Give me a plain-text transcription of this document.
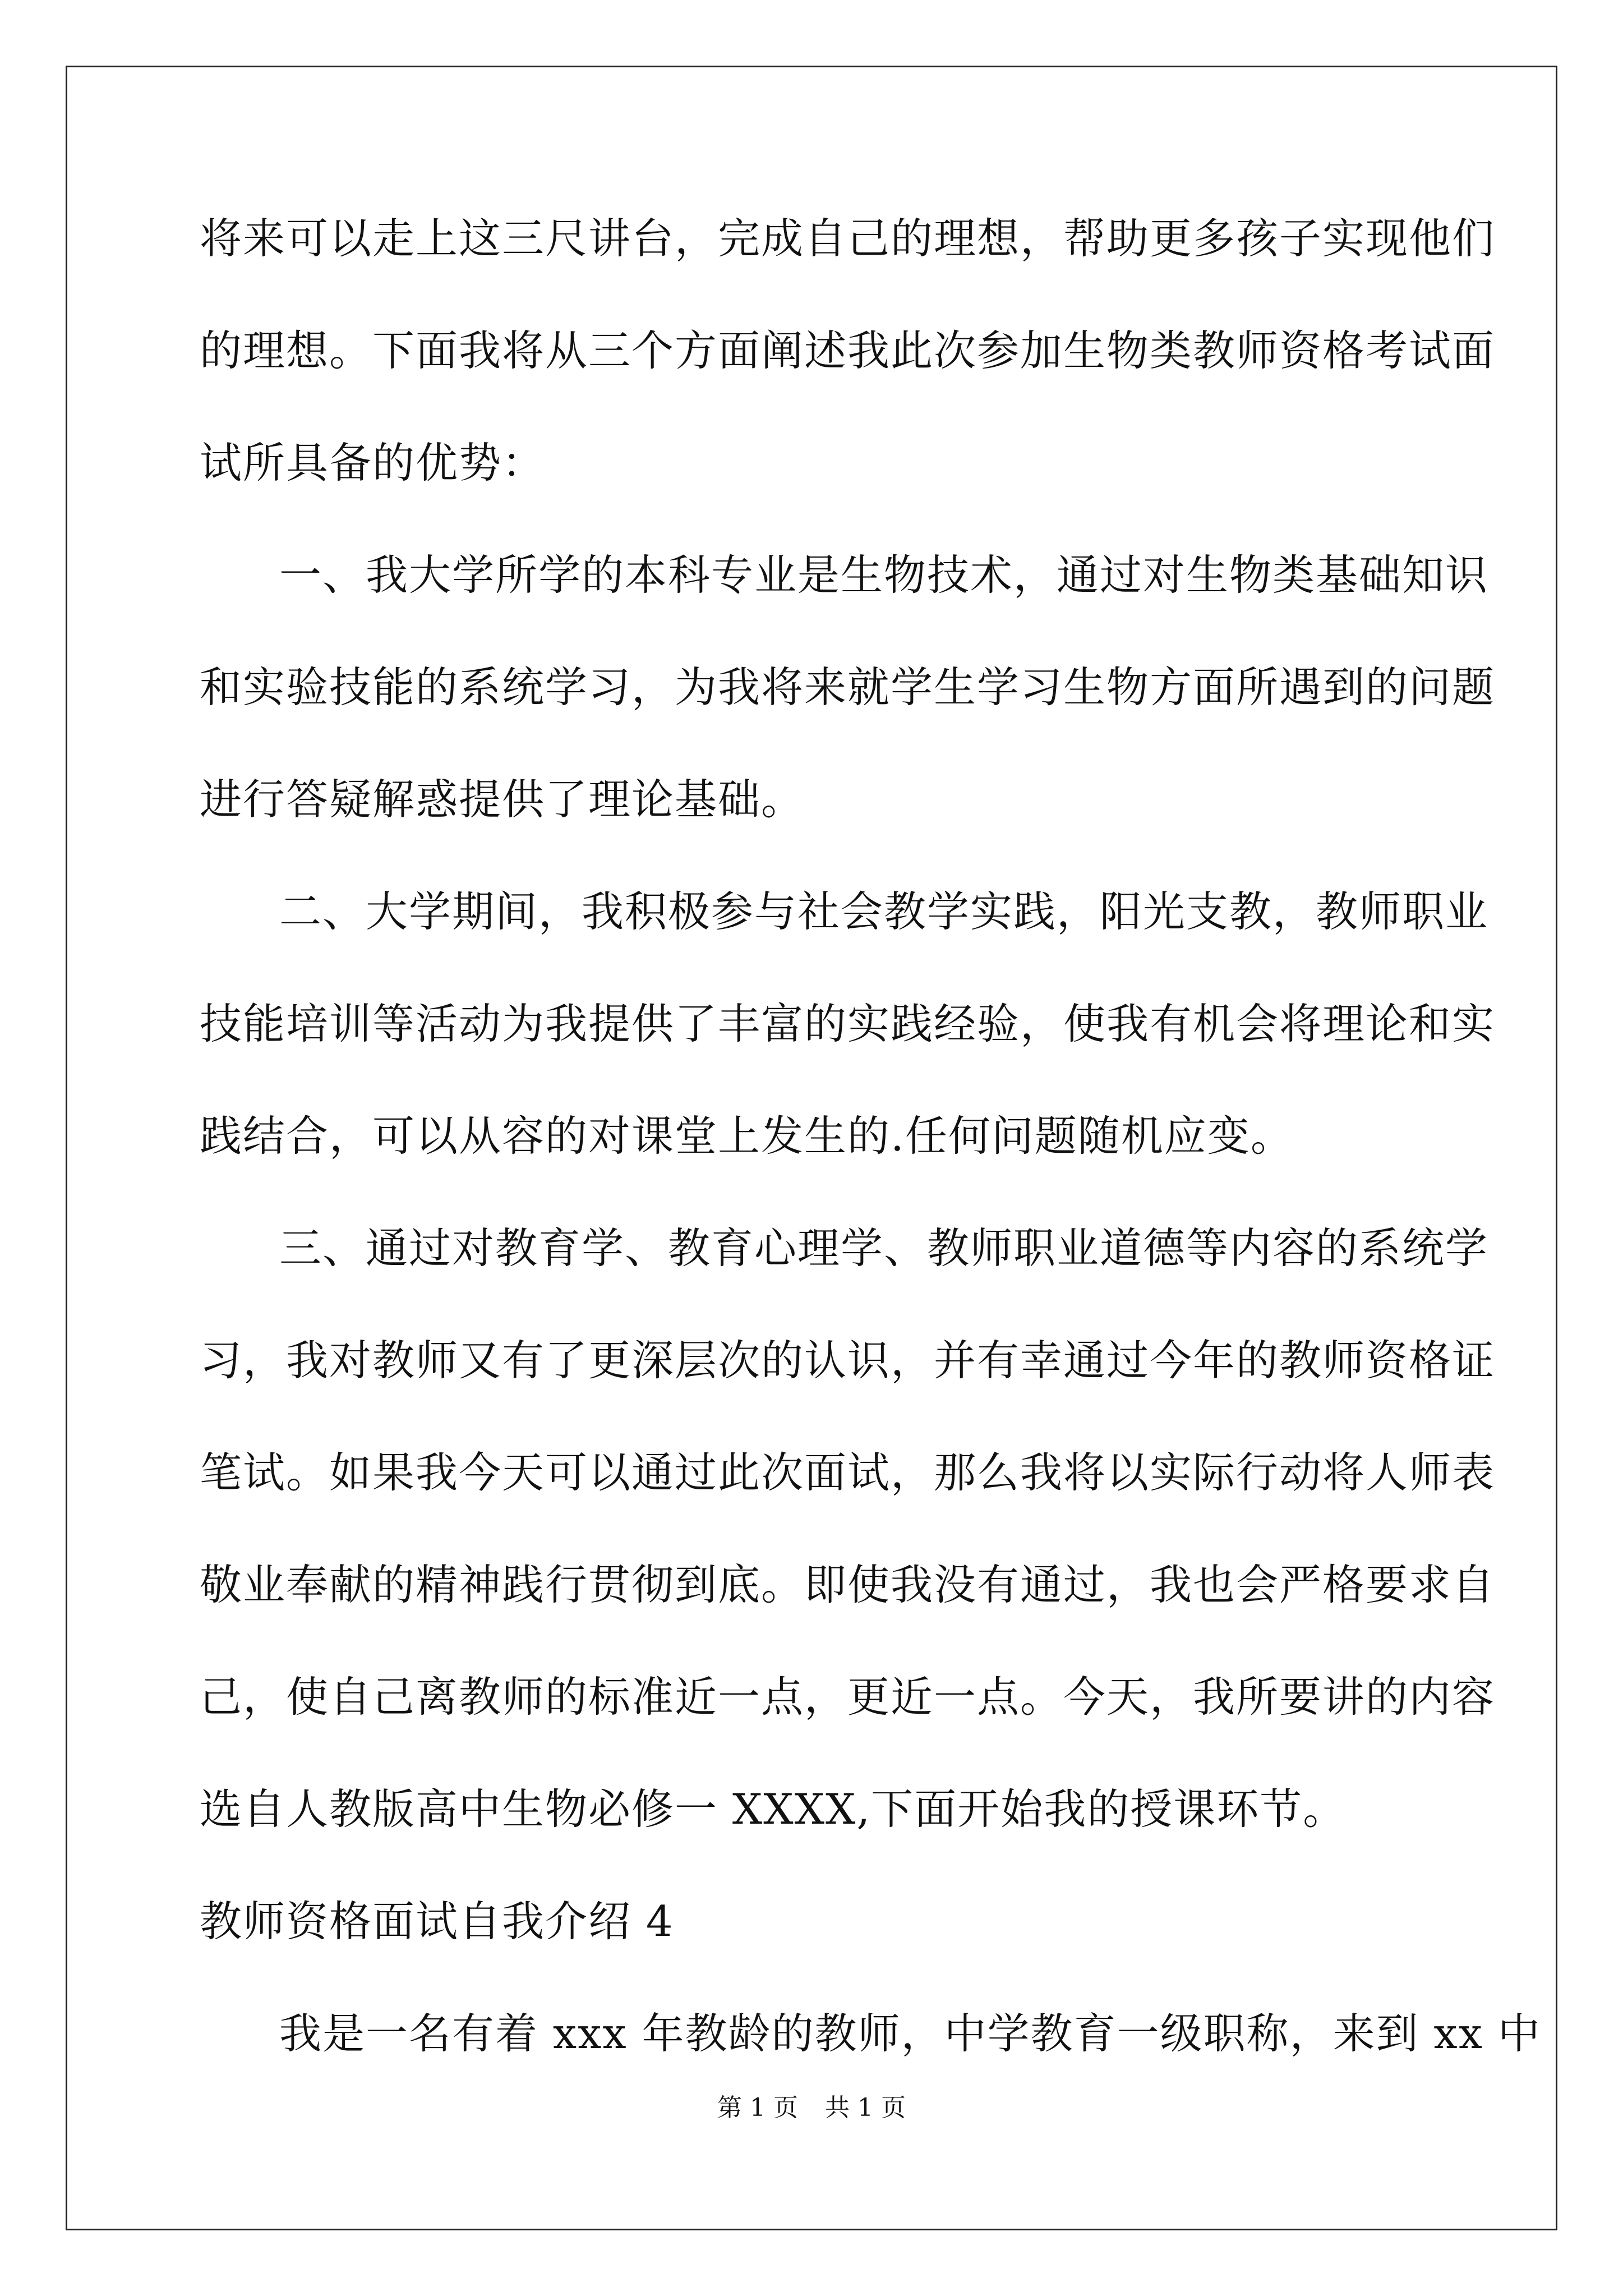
将来可以走上这三尺讲台，完成自己的理想，帮助更多孩子实现他们
的理想。下面我将从三个方面阐述我此次参加生物类教师资格考试面
试所具备的优势：
一、我大学所学的本科专业是生物技术，通过对生物类基础知识
和实验技能的系统学习，为我将来就学生学习生物方面所遇到的问题
进行答疑解惑提供了理论基础。
二、大学期间，我积极参与社会教学实践，阳光支教，教师职业
技能培训等活动为我提供了丰富的实践经验，使我有机会将理论和实
践结合，可以从容的对课堂上发生的.任何问题随机应变。
三、通过对教育学、教育心理学、教师职业道德等内容的系统学
习，我对教师又有了更深层次的认识，并有幸通过今年的教师资格证
笔试。如果我今天可以通过此次面试，那么我将以实际行动将人师表
敬业奉献的精神践行贯彻到底。即使我没有通过，我也会严格要求自
己，使自己离教师的标准近一点，更近一点。今天，我所要讲的内容
选自人教版高中生物必修一 XXXX,下面开始我的授课环节。
教师资格面试自我介绍 4
我是一名有着 xxx 年教龄的教师，中学教育一级职称，来到 xx 中
第 1 页 共 1 页
